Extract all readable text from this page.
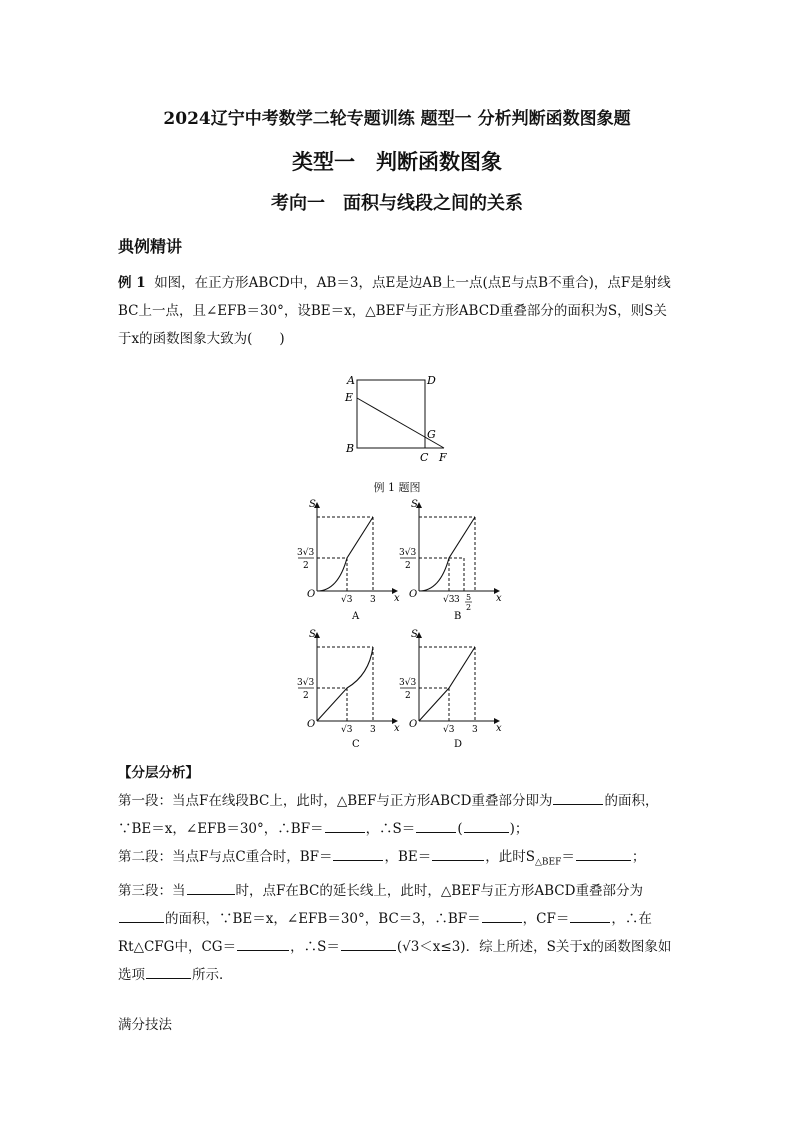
2024辽宁中考数学二轮专题训练 题型一 分析判断函数图象题
类型一　判断函数图象
考向一　面积与线段之间的关系
典例精讲
例 1 如图，在正方形ABCD中，AB＝3，点E是边AB上一点(点E与点B不重合)，点F是射线BC上一点，且∠EFB＝30°，设BE＝x，△BEF与正方形ABCD重叠部分的面积为S，则S关于x的函数图象大致为(　　)
A	D
E
B
G
C F
例 1 题图
S
x
O
3√3
2
√3 3
A
S
x
O
3√3
2
√3 3 5
2
B
S
x
O
3√3
2
√3 3
C
S
x
O
3√3
2
√3 3
D
【分层分析】
第一段：当点F在线段BC上，此时，△BEF与正方形ABCD重叠部分即为	的面积，∵BE＝x，∠EFB＝30°，∴BF＝	，∴S＝	(	)；
第二段：当点F与点C重合时，BF＝	，BE＝	，此时$S_{\triangle BEF}=$	；
第三段：当	时，点F在BC的延长线上，此时，△BEF与正方形ABCD重叠部分为的面积，∵BE＝x，∠EFB＝30°，BC＝3，∴BF＝	，CF＝	，∴在Rt△CFG中，CG＝	，∴S＝	(√3＜x≤3)．综上所述，S关于x的函数图象如选项	所示．
满分技法
